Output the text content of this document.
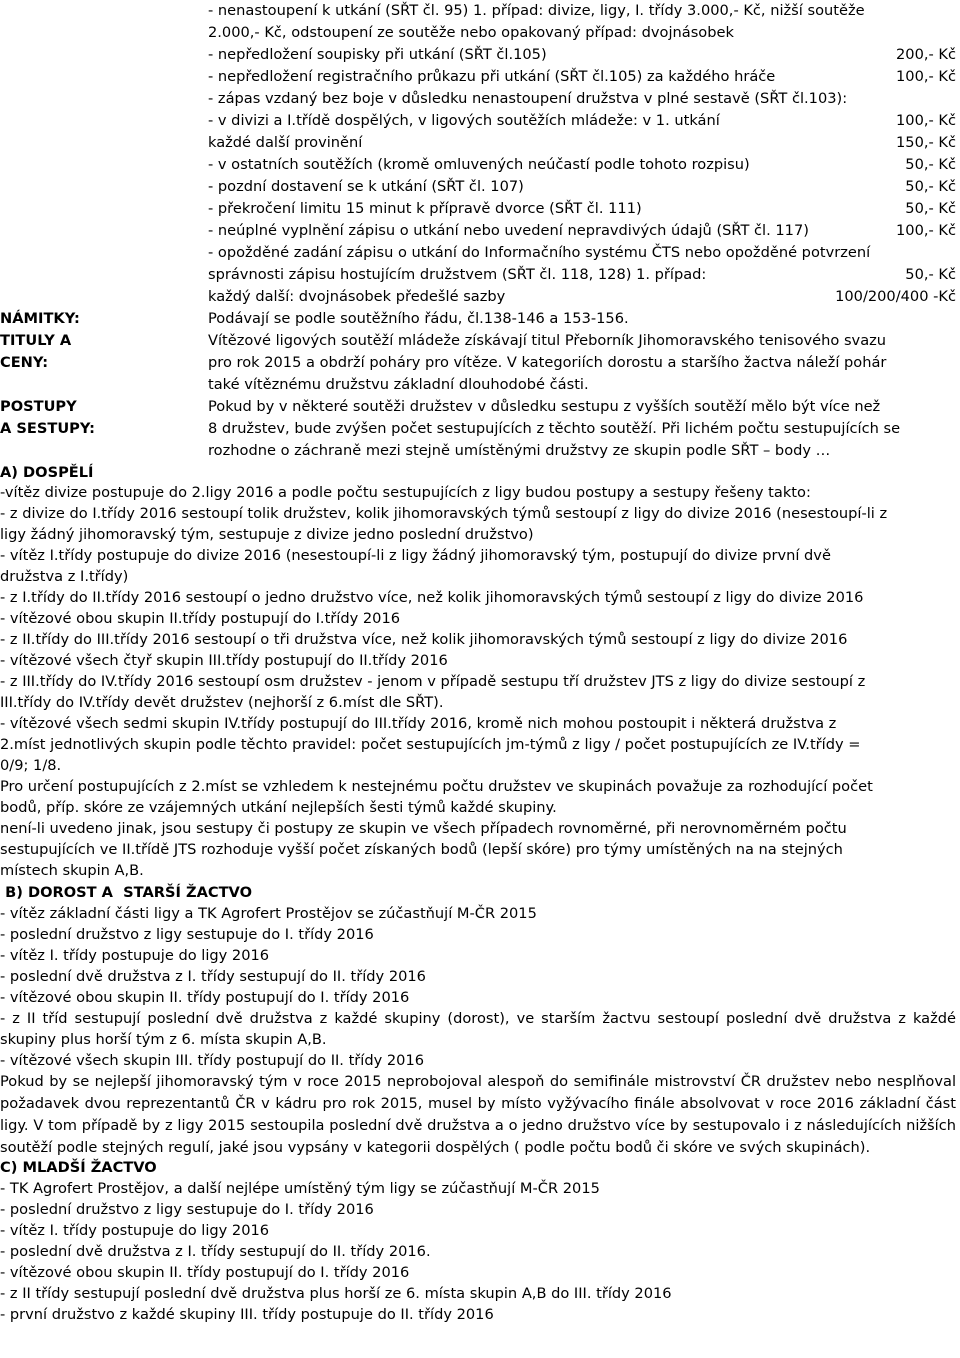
- nenastoupení k utkání (SŘT čl. 95) 1. případ: divize, ligy, I. třídy 3.000,- Kč, nižší soutěže
2.000,- Kč, odstoupení ze soutěže nebo opakovaný případ: dvojnásobek
- nepředložení soupisky při utkání (SŘT čl.105)	200,- Kč
- nepředložení registračního průkazu při utkání (SŘT čl.105) za každého hráče	100,- Kč
- zápas vzdaný bez boje v důsledku nenastoupení družstva v plné sestavě (SŘT čl.103):
- v divizi a I.třídě dospělých, v ligových soutěžích mládeže: v 1. utkání	100,- Kč
každé další provinění	150,- Kč
- v ostatních soutěžích (kromě omluvených neúčastí podle tohoto rozpisu)	50,- Kč
- pozdní dostavení se k utkání (SŘT čl. 107)	50,- Kč
- překročení limitu 15 minut k přípravě dvorce (SŘT čl. 111)	50,- Kč
- neúplné vyplnění zápisu o utkání nebo uvedení nepravdivých údajů (SŘT čl. 117)	100,- Kč
- opožděné zadání zápisu o utkání do Informačního systému ČTS nebo opožděné potvrzení
správnosti zápisu hostujícím družstvem (SŘT čl. 118, 128) 1. případ:	50,- Kč
každý další: dvojnásobek předešlé sazby	100/200/400 -Kč
NÁMITKY:	Podávají se podle soutěžního řádu, čl.138-146 a 153-156.
TITULY A
CENY:
Vítězové ligových soutěží mládeže získávají titul Přeborník Jihomoravského tenisového svazu
pro rok 2015 a obdrží poháry pro vítěze. V kategoriích dorostu a staršího žactva náleží pohár
také vítěznému družstvu základní dlouhodobé části.
POSTUPY
A SESTUPY:
Pokud by v některé soutěži družstev v důsledku sestupu z vyšších soutěží mělo být více než
8 družstev, bude zvýšen počet sestupujících z těchto soutěží. Při lichém počtu sestupujících se
rozhodne o záchraně mezi stejně umístěnými družstvy ze skupin podle SŘT – body …
A) DOSPĚLÍ
-vítěz divize postupuje do 2.ligy 2016 a podle počtu sestupujících z ligy budou postupy a sestupy řešeny takto:
- z divize do I.třídy 2016 sestoupí tolik družstev, kolik jihomoravských týmů sestoupí z ligy do divize 2016 (nesestoupí-li z
ligy žádný jihomoravský tým, sestupuje z divize jedno poslední družstvo)
- vítěz I.třídy postupuje do divize 2016 (nesestoupí-li z ligy žádný jihomoravský tým, postupují do divize první dvě
družstva z I.třídy)
- z I.třídy do II.třídy 2016 sestoupí o jedno družstvo více, než kolik jihomoravských týmů sestoupí z ligy do divize 2016
- vítězové obou skupin II.třídy postupují do I.třídy 2016
- z II.třídy do III.třídy 2016 sestoupí o tři družstva více, než kolik jihomoravských týmů sestoupí z ligy do divize 2016
- vítězové všech čtyř skupin III.třídy postupují do II.třídy 2016
- z III.třídy do IV.třídy 2016 sestoupí osm družstev - jenom v případě sestupu tří družstev JTS z ligy do divize sestoupí z
III.třídy do IV.třídy devět družstev (nejhorší z 6.míst dle SŘT).
- vítězové všech sedmi skupin IV.třídy postupují do III.třídy 2016, kromě nich mohou postoupit i některá družstva z
2.míst jednotlivých skupin podle těchto pravidel: počet sestupujících jm-týmů z ligy / počet postupujících ze IV.třídy =
0/9; 1/8.
Pro určení postupujících z 2.míst se vzhledem k nestejnému počtu družstev ve skupinách považuje za rozhodující počet
bodů, příp. skóre ze vzájemných utkání nejlepších šesti týmů každé skupiny.
není-li uvedeno jinak, jsou sestupy či postupy ze skupin ve všech případech rovnoměrné, při nerovnoměrném počtu
sestupujících ve II.třídě JTS rozhoduje vyšší počet získaných bodů (lepší skóre) pro týmy umístěných na na stejných
místech skupin A,B.
B) DOROST A  STARŠÍ ŽACTVO
- vítěz základní části ligy a TK Agrofert Prostějov se zúčastňují M-ČR 2015
- poslední družstvo z ligy sestupuje do I. třídy 2016
- vítěz I. třídy postupuje do ligy 2016
- poslední dvě družstva z I. třídy sestupují do II. třídy 2016
- vítězové obou skupin II. třídy postupují do I. třídy 2016
- z II tříd sestupují poslední dvě družstva z každé skupiny (dorost), ve starším žactvu sestoupí poslední dvě družstva z každé skupiny plus horší tým z 6. místa skupin A,B.
- vítězové všech skupin III. třídy postupují do II. třídy 2016
Pokud by se nejlepší jihomoravský tým v roce 2015 neprobojoval alespoň do semifinále mistrovství ČR družstev nebo nesplňoval požadavek dvou reprezentantů ČR v kádru pro rok 2015, musel by místo vyžývacího finále absolvovat v roce 2016 základní část ligy. V tom případě by z ligy 2015 sestoupila poslední dvě družstva a o jedno družstvo více by sestupovalo i z následujících nižších soutěží podle stejných regulí, jaké jsou vypsány v kategorii dospělých ( podle počtu bodů či skóre ve svých skupinách).
C) MLADŠÍ ŽACTVO
- TK Agrofert Prostějov, a další nejlépe umístěný tým ligy se zúčastňují M-ČR 2015
- poslední družstvo z ligy sestupuje do I. třídy 2016
- vítěz I. třídy postupuje do ligy 2016
- poslední dvě družstva z I. třídy sestupují do II. třídy 2016.
- vítězové obou skupin II. třídy postupují do I. třídy 2016
- z II třídy sestupují poslední dvě družstva plus horší ze 6. místa skupin A,B do III. třídy 2016
- první družstvo z každé skupiny III. třídy postupuje do II. třídy 2016
